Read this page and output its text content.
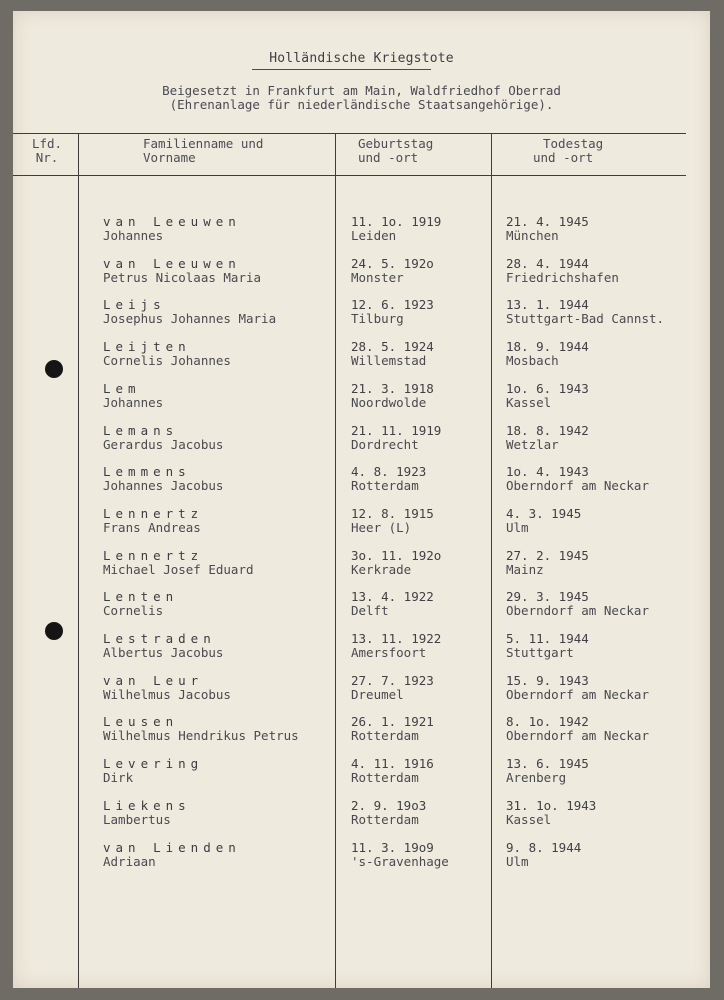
Holländische Kriegstote
Beigesetzt in Frankfurt am Main, Waldfriedhof Oberrad
(Ehrenanlage für niederländische Staatsangehörige).
Lfd.
Nr.
Familienname und
Vorname
Geburtstag
und -ort
Todestag
und -ort
van Leeuwen
Johannes
11. 1o. 1919
Leiden
21. 4. 1945
München
van Leeuwen
Petrus Nicolaas Maria
24. 5. 192o
Monster
28. 4. 1944
Friedrichshafen
Leijs
Josephus Johannes Maria
12. 6. 1923
Tilburg
13. 1. 1944
Stuttgart-Bad Cannst.
Leijten
Cornelis Johannes
28. 5. 1924
Willemstad
18. 9. 1944
Mosbach
Lem
Johannes
21. 3. 1918
Noordwolde
1o. 6. 1943
Kassel
Lemans
Gerardus Jacobus
21. 11. 1919
Dordrecht
18. 8. 1942
Wetzlar
Lemmens
Johannes Jacobus
4. 8. 1923
Rotterdam
1o. 4. 1943
Oberndorf am Neckar
Lennertz
Frans Andreas
12. 8. 1915
Heer (L)
4. 3. 1945
Ulm
Lennertz
Michael Josef Eduard
3o. 11. 192o
Kerkrade
27. 2. 1945
Mainz
Lenten
Cornelis
13. 4. 1922
Delft
29. 3. 1945
Oberndorf am Neckar
Lestraden
Albertus Jacobus
13. 11. 1922
Amersfoort
5. 11. 1944
Stuttgart
van Leur
Wilhelmus Jacobus
27. 7. 1923
Dreumel
15. 9. 1943
Oberndorf am Neckar
Leusen
Wilhelmus Hendrikus Petrus
26. 1. 1921
Rotterdam
8. 1o. 1942
Oberndorf am Neckar
Levering
Dirk
4. 11. 1916
Rotterdam
13. 6. 1945
Arenberg
Liekens
Lambertus
2. 9. 19o3
Rotterdam
31. 1o. 1943
Kassel
van Lienden
Adriaan
11. 3. 19o9
's-Gravenhage
9. 8. 1944
Ulm
